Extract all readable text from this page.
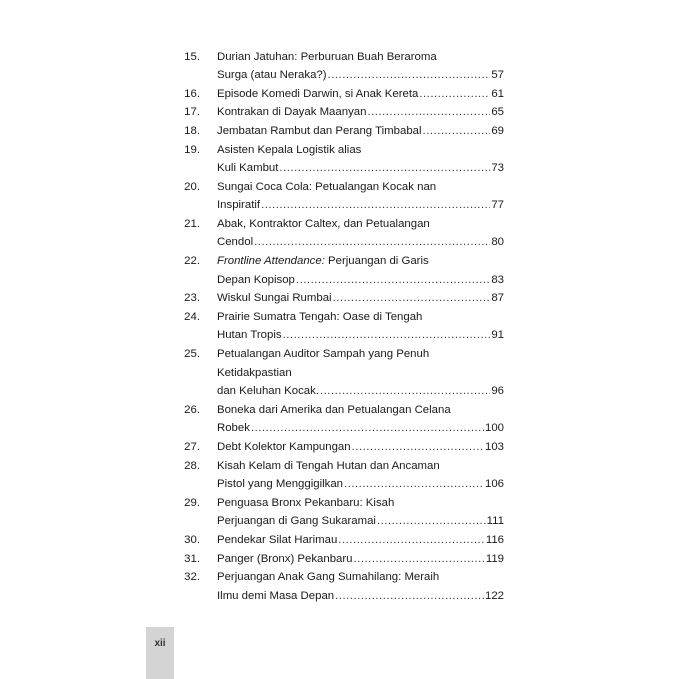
15. Durian Jatuhan: Perburuan Buah Beraroma
Surga (atau Neraka?) .....	57
16. Episode Komedi Darwin, si Anak Kereta .....	61
17. Kontrakan di Dayak Maanyan .....	65
18. Jembatan Rambut dan Perang Timbabal .....	69
19. Asisten Kepala Logistik alias
Kuli Kambut .....	73
20. Sungai Coca Cola: Petualangan Kocak nan
Inspiratif .....	77
21. Abak, Kontraktor Caltex, dan Petualangan
Cendol .....	80
22. Frontline Attendance: Perjuangan di Garis
Depan Kopisop .....	83
23. Wiskul Sungai Rumbai .....	87
24. Prairie Sumatra Tengah: Oase di Tengah
Hutan Tropis .....	91
25. Petualangan Auditor Sampah yang Penuh
Ketidakpastian
dan Keluhan Kocak. .....	96
26. Boneka dari Amerika dan Petualangan Celana
Robek .....	100
27. Debt Kolektor Kampungan .....	103
28. Kisah Kelam di Tengah Hutan dan Ancaman
Pistol yang Menggigilkan .....	106
29. Penguasa Bronx Pekanbaru: Kisah
Perjuangan di Gang Sukaramai .....	111
30. Pendekar Silat Harimau .....	116
31. Panger (Bronx) Pekanbaru .....	119
32. Perjuangan Anak Gang Sumahilang: Meraih
Ilmu demi Masa Depan .....	122
xii
